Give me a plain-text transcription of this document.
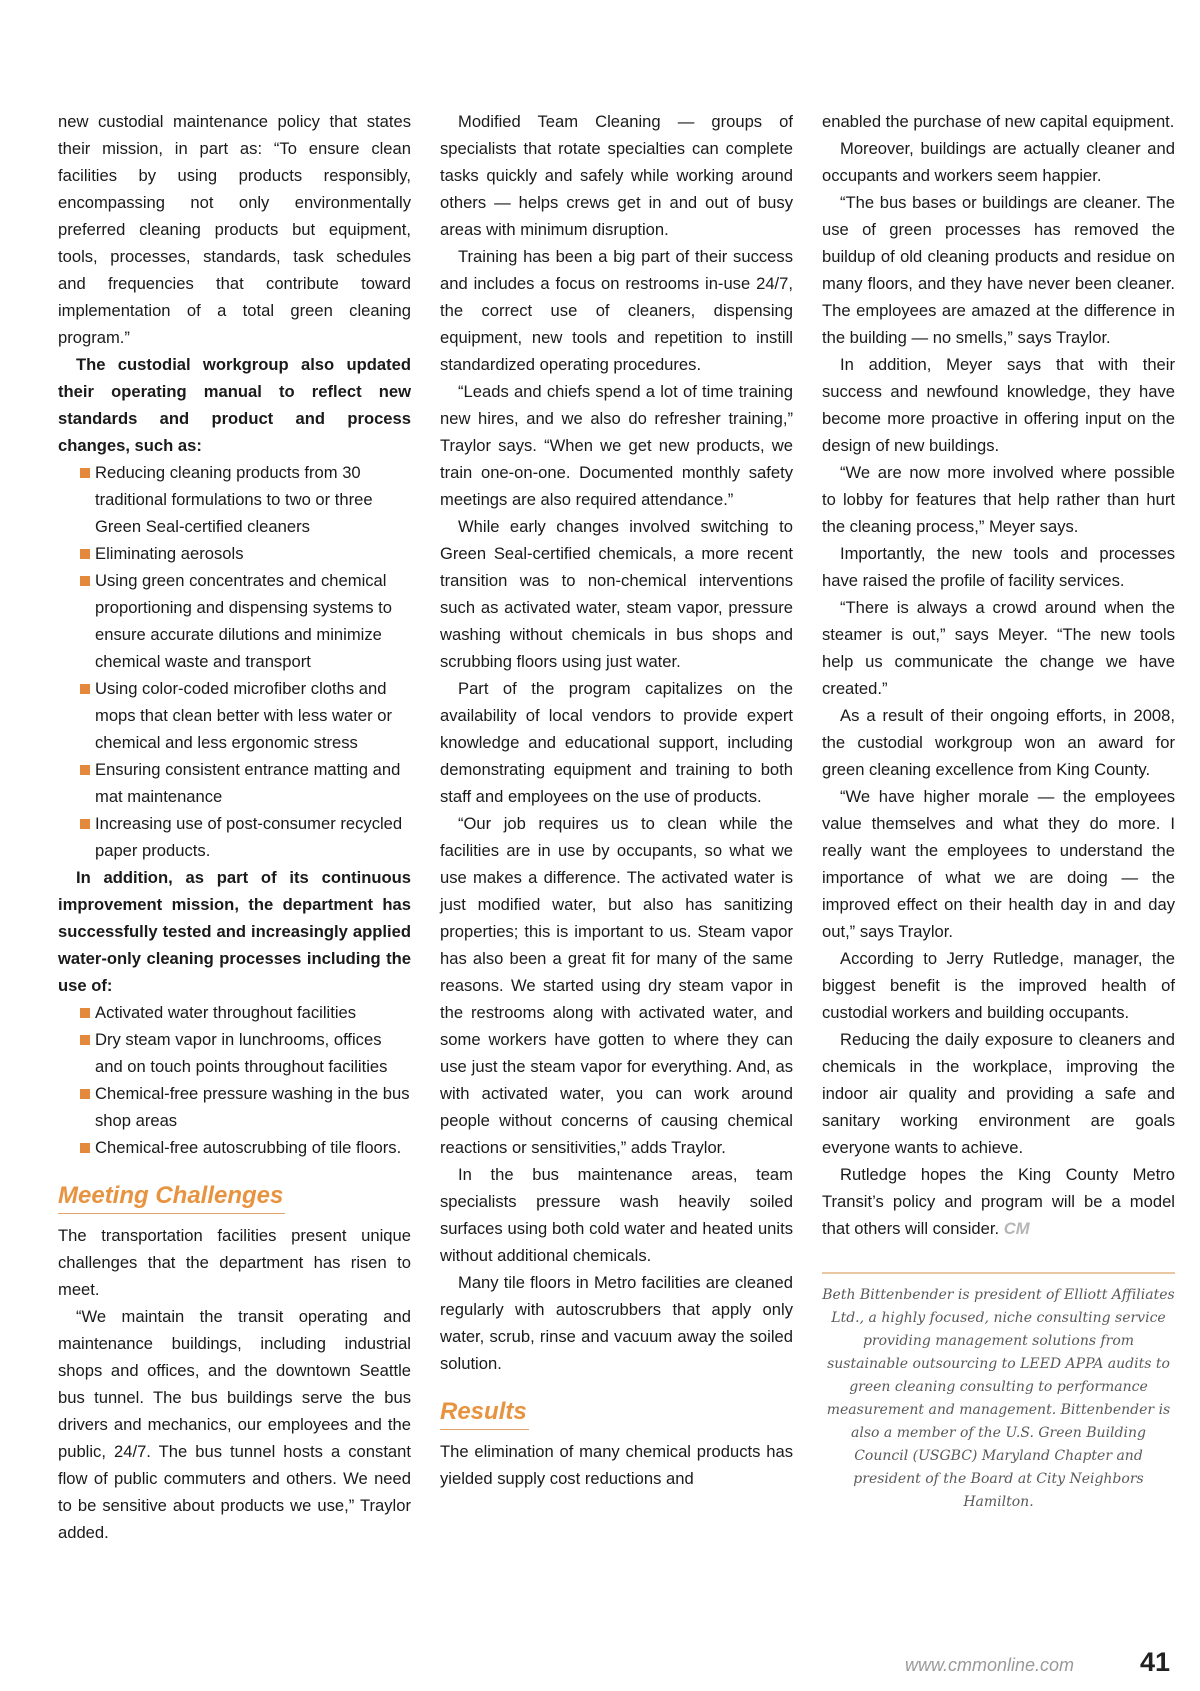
new custodial maintenance policy that states their mission, in part as: “To ensure clean facilities by using products responsibly, encompassing not only environmentally preferred cleaning products but equipment, tools, processes, standards, task schedules and frequencies that contribute toward implementation of a total green cleaning program.”

The custodial workgroup also updated their operating manual to reflect new standards and product and process changes, such as:

Reducing cleaning products from 30 traditional formulations to two or three Green Seal-certified cleaners
Eliminating aerosols
Using green concentrates and chemical proportioning and dispensing systems to ensure accurate dilutions and minimize chemical waste and transport
Using color-coded microfiber cloths and mops that clean better with less water or chemical and less ergonomic stress
Ensuring consistent entrance matting and mat maintenance
Increasing use of post-consumer recycled paper products.

In addition, as part of its continuous improvement mission, the department has successfully tested and increasingly applied water-only cleaning processes including the use of:

Activated water throughout facilities
Dry steam vapor in lunchrooms, offices and on touch points throughout facilities
Chemical-free pressure washing in the bus shop areas
Chemical-free autoscrubbing of tile floors.
Meeting Challenges

The transportation facilities present unique challenges that the department has risen to meet.

“We maintain the transit operating and maintenance buildings, including industrial shops and offices, and the downtown Seattle bus tunnel. The bus buildings serve the bus drivers and mechanics, our employees and the public, 24/7. The bus tunnel hosts a constant flow of public commuters and others. We need to be sensitive about products we use,” Traylor added.

Modified Team Cleaning — groups of specialists that rotate specialties can complete tasks quickly and safely while working around others — helps crews get in and out of busy areas with minimum disruption.

Training has been a big part of their success and includes a focus on restrooms in-use 24/7, the correct use of cleaners, dispensing equipment, new tools and repetition to instill standardized operating procedures.

“Leads and chiefs spend a lot of time training new hires, and we also do refresher training,” Traylor says. “When we get new products, we train one-on-one. Documented monthly safety meetings are also required attendance.”

While early changes involved switching to Green Seal-certified chemicals, a more recent transition was to non-chemical interventions such as activated water, steam vapor, pressure washing without chemicals in bus shops and scrubbing floors using just water.

Part of the program capitalizes on the availability of local vendors to provide expert knowledge and educational support, including demonstrating equipment and training to both staff and employees on the use of products.

“Our job requires us to clean while the facilities are in use by occupants, so what we use makes a difference. The activated water is just modified water, but also has sanitizing properties; this is important to us. Steam vapor has also been a great fit for many of the same reasons. We started using dry steam vapor in the restrooms along with activated water, and some workers have gotten to where they can use just the steam vapor for everything. And, as with activated water, you can work around people without concerns of causing chemical reactions or sensitivities,” adds Traylor.

In the bus maintenance areas, team specialists pressure wash heavily soiled surfaces using both cold water and heated units without additional chemicals.

Many tile floors in Metro facilities are cleaned regularly with autoscrubbers that apply only water, scrub, rinse and vacuum away the soiled solution.

Results

The elimination of many chemical products has yielded supply cost reductions and

enabled the purchase of new capital equipment.

Moreover, buildings are actually cleaner and occupants and workers seem happier.

“The bus bases or buildings are cleaner. The use of green processes has removed the buildup of old cleaning products and residue on many floors, and they have never been cleaner. The employees are amazed at the difference in the building — no smells,” says Traylor.

In addition, Meyer says that with their success and newfound knowledge, they have become more proactive in offering input on the design of new buildings.

“We are now more involved where possible to lobby for features that help rather than hurt the cleaning process,” Meyer says.

Importantly, the new tools and processes have raised the profile of facility services.

“There is always a crowd around when the steamer is out,” says Meyer. “The new tools help us communicate the change we have created.”

As a result of their ongoing efforts, in 2008, the custodial workgroup won an award for green cleaning excellence from King County.

“We have higher morale — the employees value themselves and what they do more. I really want the employees to understand the importance of what we are doing — the improved effect on their health day in and day out,” says Traylor.

According to Jerry Rutledge, manager, the biggest benefit is the improved health of custodial workers and building occupants.

Reducing the daily exposure to cleaners and chemicals in the workplace, improving the indoor air quality and providing a safe and sanitary working environment are goals everyone wants to achieve.

Rutledge hopes the King County Metro Transit’s policy and program will be a model that others will consider. CM

Beth Bittenbender is president of Elliott Affiliates Ltd., a highly focused, niche consulting service providing management solutions from sustainable outsourcing to LEED APPA audits to green cleaning consulting to performance measurement and management. Bittenbender is also a member of the U.S. Green Building Council (USGBC) Maryland Chapter and president of the Board at City Neighbors Hamilton.
www.cmmonline.com 41
